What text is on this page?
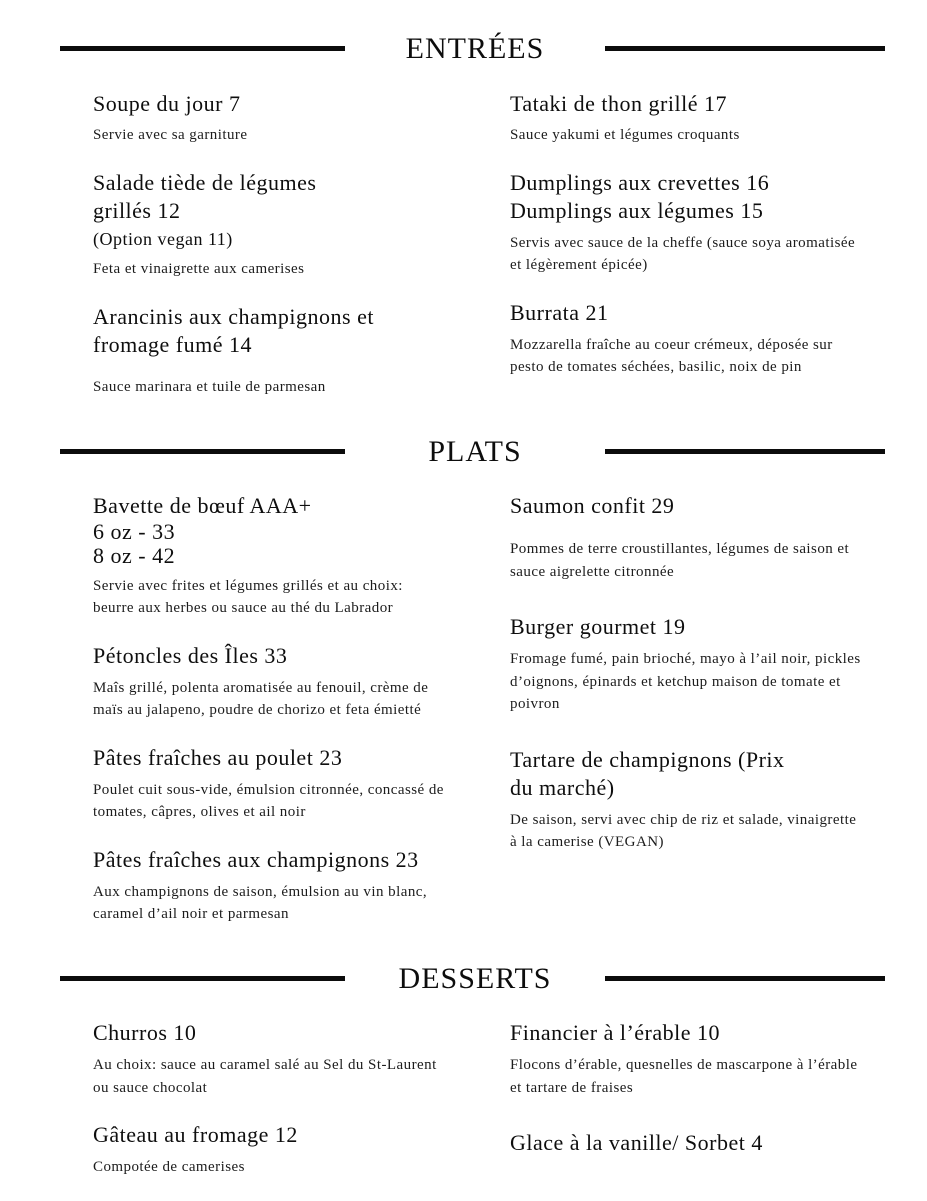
ENTRÉES
Soupe du jour 7
Servie avec sa garniture
Salade tiède de légumes
grillés 12
(Option vegan 11)
Feta et vinaigrette aux camerises
Arancinis aux champignons et
fromage fumé 14
Sauce marinara et tuile de parmesan
Tataki de thon grillé 17
Sauce yakumi et légumes croquants
Dumplings aux crevettes 16
Dumplings aux légumes 15
Servis avec sauce de la cheffe (sauce soya aromatisée et légèrement épicée)
Burrata 21
Mozzarella fraîche au coeur crémeux, déposée sur pesto de tomates séchées, basilic, noix de pin
PLATS
Bavette de bœuf AAA+
6 oz - 33
8 oz - 42
Servie avec frites et légumes grillés et au choix: beurre aux herbes ou sauce au thé du Labrador
Pétoncles des Îles 33
Maîs grillé, polenta aromatisée au fenouil, crème de maïs au jalapeno, poudre de chorizo et feta émietté
Pâtes fraîches au poulet 23
Poulet cuit sous-vide, émulsion citronnée, concassé de tomates, câpres, olives et ail noir
Pâtes fraîches aux champignons 23
Aux champignons de saison, émulsion au vin blanc, caramel d’ail noir et parmesan
Saumon confit 29
Pommes de terre croustillantes, légumes de saison et sauce aigrelette citronnée
Burger gourmet 19
Fromage fumé, pain brioché, mayo à l’ail noir, pickles d’oignons, épinards et ketchup maison de tomate et poivron
Tartare de champignons (Prix
du marché)
De saison, servi avec chip de riz et salade, vinaigrette à la camerise (VEGAN)
DESSERTS
Churros 10
Au choix: sauce au caramel salé au Sel du St-Laurent ou sauce chocolat
Gâteau au fromage 12
Compotée de camerises
Financier à l’érable 10
Flocons d’érable, quesnelles de mascarpone à l’érable et tartare de fraises
Glace à la vanille/ Sorbet 4
